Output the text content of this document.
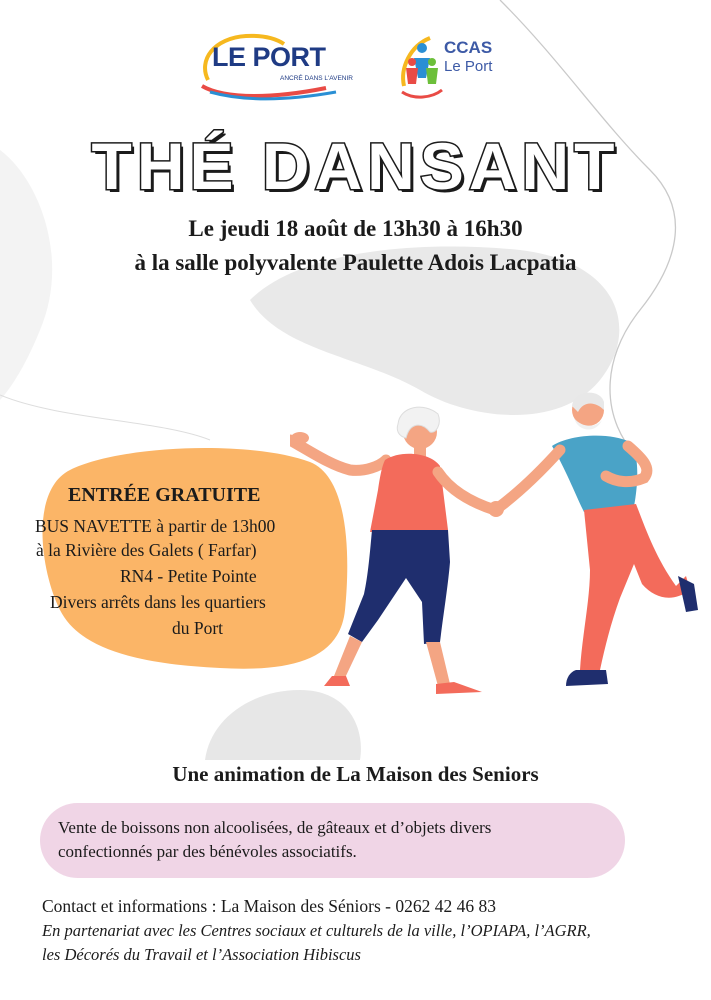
LE PORT
ANCRÉ DANS L'AVENIR
CCAS
Le Port
THÉ DANSANT
Le jeudi 18 août de 13h30 à 16h30
à la salle polyvalente Paulette Adois Lacpatia
ENTRÉE GRATUITE
BUS NAVETTE à partir de 13h00
à la Rivière des Galets ( Farfar)
RN4 - Petite Pointe
Divers arrêts dans les quartiers
du Port
Une animation de La Maison des Seniors
Vente de boissons non alcoolisées, de gâteaux et d’objets divers
confectionnés par des bénévoles associatifs.
Contact et informations : La Maison des Séniors - 0262 42 46 83
En partenariat avec les Centres sociaux et culturels de la ville, l’OPIAPA, l’AGRR,
les Décorés du Travail et l’Association Hibiscus
